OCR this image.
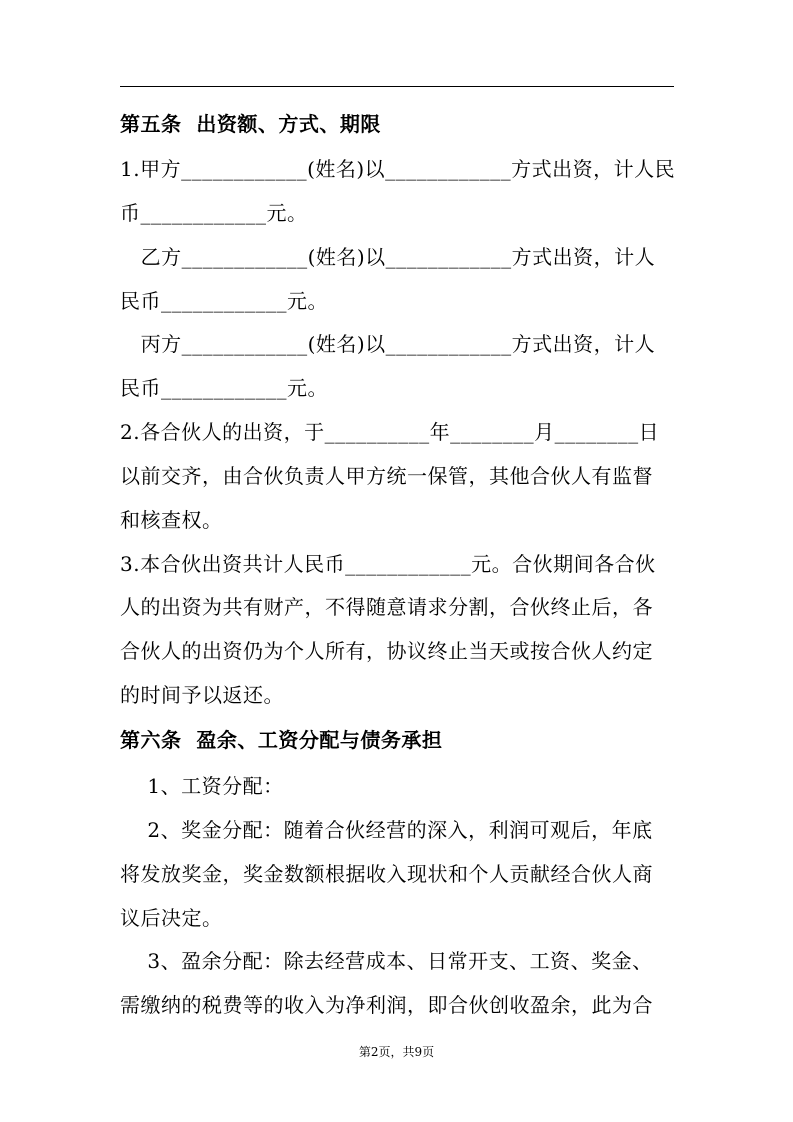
第五条  出资额、方式、期限
1.甲方____________(姓名)以____________方式出资，计人民
币____________元。
乙方____________(姓名)以____________方式出资，计人
民币____________元。
丙方____________(姓名)以____________方式出资，计人
民币____________元。
2.各合伙人的出资，于__________年________月________日
以前交齐，由合伙负责人甲方统一保管，其他合伙人有监督
和核查权。
3.本合伙出资共计人民币____________元。合伙期间各合伙
人的出资为共有财产，不得随意请求分割，合伙终止后，各
合伙人的出资仍为个人所有，协议终止当天或按合伙人约定
的时间予以返还。
第六条  盈余、工资分配与债务承担
1、工资分配：
2、奖金分配：随着合伙经营的深入，利润可观后，年底
将发放奖金，奖金数额根据收入现状和个人贡献经合伙人商
议后决定。
3、盈余分配：除去经营成本、日常开支、工资、奖金、
需缴纳的税费等的收入为净利润，即合伙创收盈余，此为合
第2页，共9页
